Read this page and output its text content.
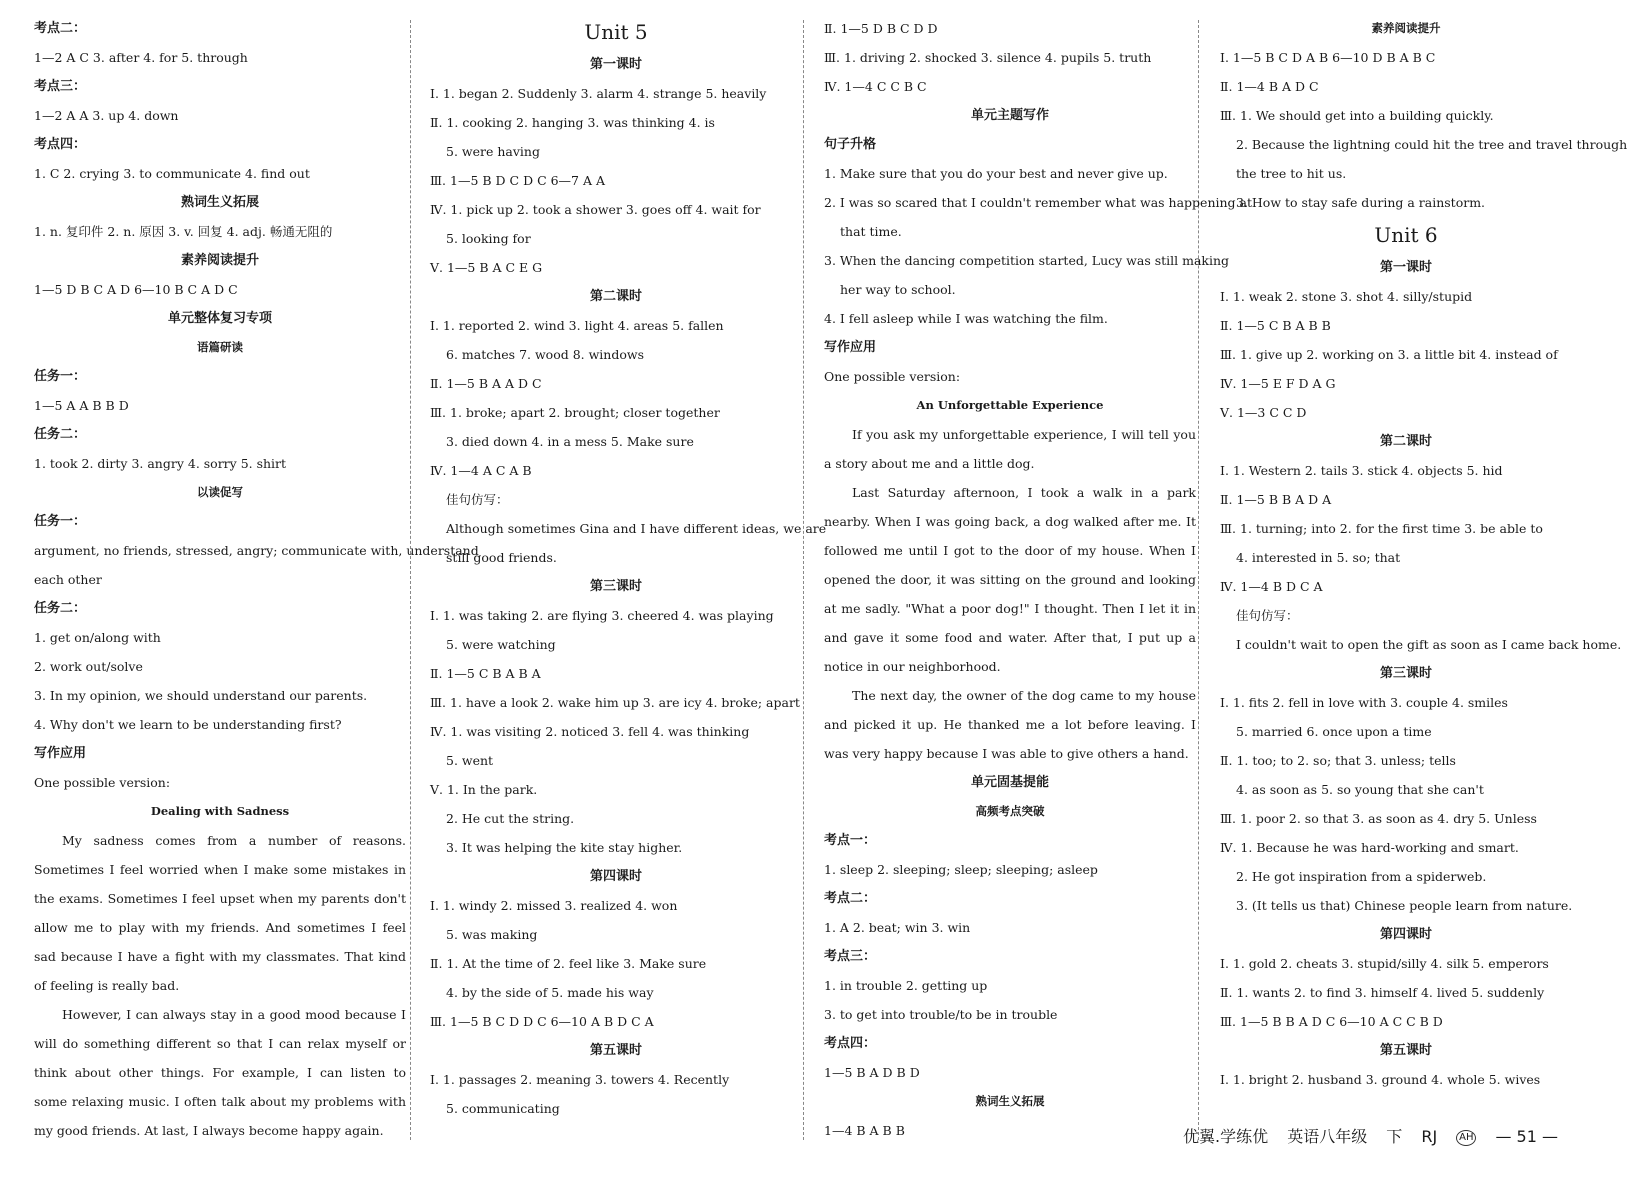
考点二：
1—2 A C 3. after 4. for 5. through
考点三：
1—2 A A 3. up 4. down
考点四：
1. C 2. crying 3. to communicate 4. find out
熟词生义拓展
1. n. 复印件 2. n. 原因 3. v. 回复 4. adj. 畅通无阻的
素养阅读提升
1—5 D B C A D 6—10 B C A D C
单元整体复习专项
语篇研读
任务一：
1—5 A A B B D
任务二：
1. took 2. dirty 3. angry 4. sorry 5. shirt
以读促写
任务一：
argument, no friends, stressed, angry; communicate with, understand
each other
任务二：
1. get on/along with
2. work out/solve
3. In my opinion, we should understand our parents.
4. Why don't we learn to be understanding first?
写作应用
One possible version:
Dealing with Sadness
My sadness comes from a number of reasons. Sometimes I feel worried when I make some mistakes in the exams. Sometimes I feel upset when my parents don't allow me to play with my friends. And sometimes I feel sad because I have a fight with my classmates. That kind of feeling is really bad.
However, I can always stay in a good mood because I will do something different so that I can relax myself or think about other things. For example, I can listen to some relaxing music. I often talk about my problems with my good friends. At last, I always become happy again.
Unit 5
第一课时
Ⅰ. 1. began 2. Suddenly 3. alarm 4. strange 5. heavily
Ⅱ. 1. cooking 2. hanging 3. was thinking 4. is
5. were having
Ⅲ. 1—5 B D C D C 6—7 A A
Ⅳ. 1. pick up 2. took a shower 3. goes off 4. wait for
5. looking for
Ⅴ. 1—5 B A C E G
第二课时
Ⅰ. 1. reported 2. wind 3. light 4. areas 5. fallen
6. matches 7. wood 8. windows
Ⅱ. 1—5 B A A D C
Ⅲ. 1. broke; apart 2. brought; closer together
3. died down 4. in a mess 5. Make sure
Ⅳ. 1—4 A C A B
佳句仿写：
Although sometimes Gina and I have different ideas, we are
still good friends.
第三课时
Ⅰ. 1. was taking 2. are flying 3. cheered 4. was playing
5. were watching
Ⅱ. 1—5 C B A B A
Ⅲ. 1. have a look 2. wake him up 3. are icy 4. broke; apart
Ⅳ. 1. was visiting 2. noticed 3. fell 4. was thinking
5. went
Ⅴ. 1. In the park.
2. He cut the string.
3. It was helping the kite stay higher.
第四课时
Ⅰ. 1. windy 2. missed 3. realized 4. won
5. was making
Ⅱ. 1. At the time of 2. feel like 3. Make sure
4. by the side of 5. made his way
Ⅲ. 1—5 B C D D C 6—10 A B D C A
第五课时
Ⅰ. 1. passages 2. meaning 3. towers 4. Recently
5. communicating
Ⅱ. 1—5 D B C D D
Ⅲ. 1. driving 2. shocked 3. silence 4. pupils 5. truth
Ⅳ. 1—4 C C B C
单元主题写作
句子升格
1. Make sure that you do your best and never give up.
2. I was so scared that I couldn't remember what was happening at
that time.
3. When the dancing competition started, Lucy was still making
her way to school.
4. I fell asleep while I was watching the film.
写作应用
One possible version:
An Unforgettable Experience
If you ask my unforgettable experience, I will tell you a story about me and a little dog.
Last Saturday afternoon, I took a walk in a park nearby. When I was going back, a dog walked after me. It followed me until I got to the door of my house. When I opened the door, it was sitting on the ground and looking at me sadly. "What a poor dog!" I thought. Then I let it in and gave it some food and water. After that, I put up a notice in our neighborhood.
The next day, the owner of the dog came to my house and picked it up. He thanked me a lot before leaving. I was very happy because I was able to give others a hand.
单元固基提能
高频考点突破
考点一：
1. sleep 2. sleeping; sleep; sleeping; asleep
考点二：
1. A 2. beat; win 3. win
考点三：
1. in trouble 2. getting up
3. to get into trouble/to be in trouble
考点四：
1—5 B A D B D
熟词生义拓展
1—4 B A B B
素养阅读提升
Ⅰ. 1—5 B C D A B 6—10 D B A B C
Ⅱ. 1—4 B A D C
Ⅲ. 1. We should get into a building quickly.
2. Because the lightning could hit the tree and travel through
the tree to hit us.
3. How to stay safe during a rainstorm.
Unit 6
第一课时
Ⅰ. 1. weak 2. stone 3. shot 4. silly/stupid
Ⅱ. 1—5 C B A B B
Ⅲ. 1. give up 2. working on 3. a little bit 4. instead of
Ⅳ. 1—5 E F D A G
Ⅴ. 1—3 C C D
第二课时
Ⅰ. 1. Western 2. tails 3. stick 4. objects 5. hid
Ⅱ. 1—5 B B A D A
Ⅲ. 1. turning; into 2. for the first time 3. be able to
4. interested in 5. so; that
Ⅳ. 1—4 B D C A
佳句仿写：
I couldn't wait to open the gift as soon as I came back home.
第三课时
Ⅰ. 1. fits 2. fell in love with 3. couple 4. smiles
5. married 6. once upon a time
Ⅱ. 1. too; to 2. so; that 3. unless; tells
4. as soon as 5. so young that she can't
Ⅲ. 1. poor 2. so that 3. as soon as 4. dry 5. Unless
Ⅳ. 1. Because he was hard-working and smart.
2. He got inspiration from a spiderweb.
3. (It tells us that) Chinese people learn from nature.
第四课时
Ⅰ. 1. gold 2. cheats 3. stupid/silly 4. silk 5. emperors
Ⅱ. 1. wants 2. to find 3. himself 4. lived 5. suddenly
Ⅲ. 1—5 B B A D C 6—10 A C C B D
第五课时
Ⅰ. 1. bright 2. husband 3. ground 4. whole 5. wives
优翼.学练优 英语八年级 下 RJ AH — 51 —
